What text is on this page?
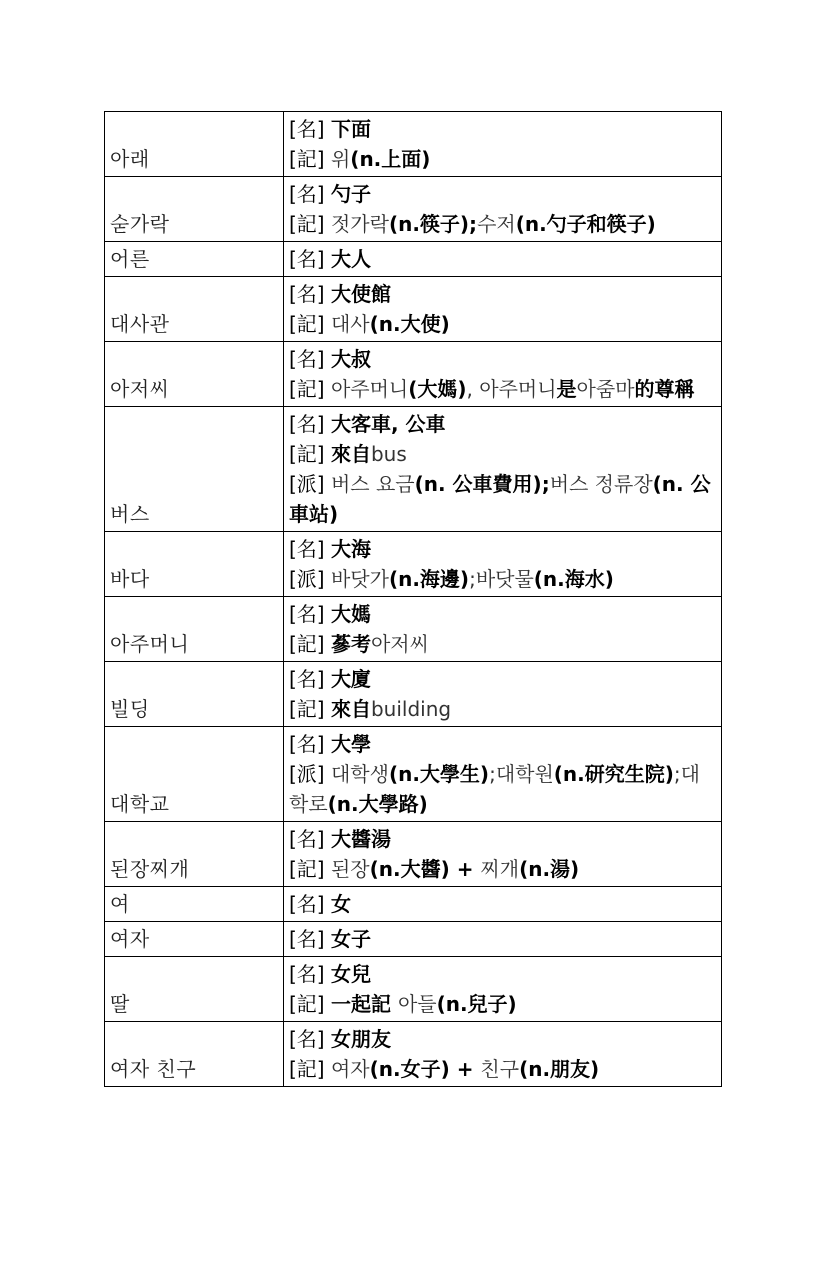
아래	[名] 下面
[記] 위(n.上面)

숟가락	[名] 勺子
[記] 젓가락(n.筷子);수저(n.勺子和筷子)

어른	[名] 大人

대사관	[名] 大使館
[記] 대사(n.大使)

아저씨	[名] 大叔
[記] 아주머니(大媽), 아주머니是아줌마的尊稱

버스	[名] 大客車, 公車
[記] 來自bus
[派] 버스 요금(n. 公車費用);버스 정류장(n. 公車站)

바다	[名] 大海
[派] 바닷가(n.海邊);바닷물(n.海水)

아주머니	[名] 大媽
[記] 蔘考아저씨

빌딩	[名] 大廈
[記] 來自building

대학교	[名] 大學
[派] 대학생(n.大學生);대학원(n.研究生院);대학로(n.大學路)

된장찌개	[名] 大醬湯
[記] 된장(n.大醬) + 찌개(n.湯)

여	[名] 女

여자	[名] 女子

딸	[名] 女兒
[記] 一起記 아들(n.兒子)

여자 친구	[名] 女朋友
[記] 여자(n.女子) + 친구(n.朋友)
